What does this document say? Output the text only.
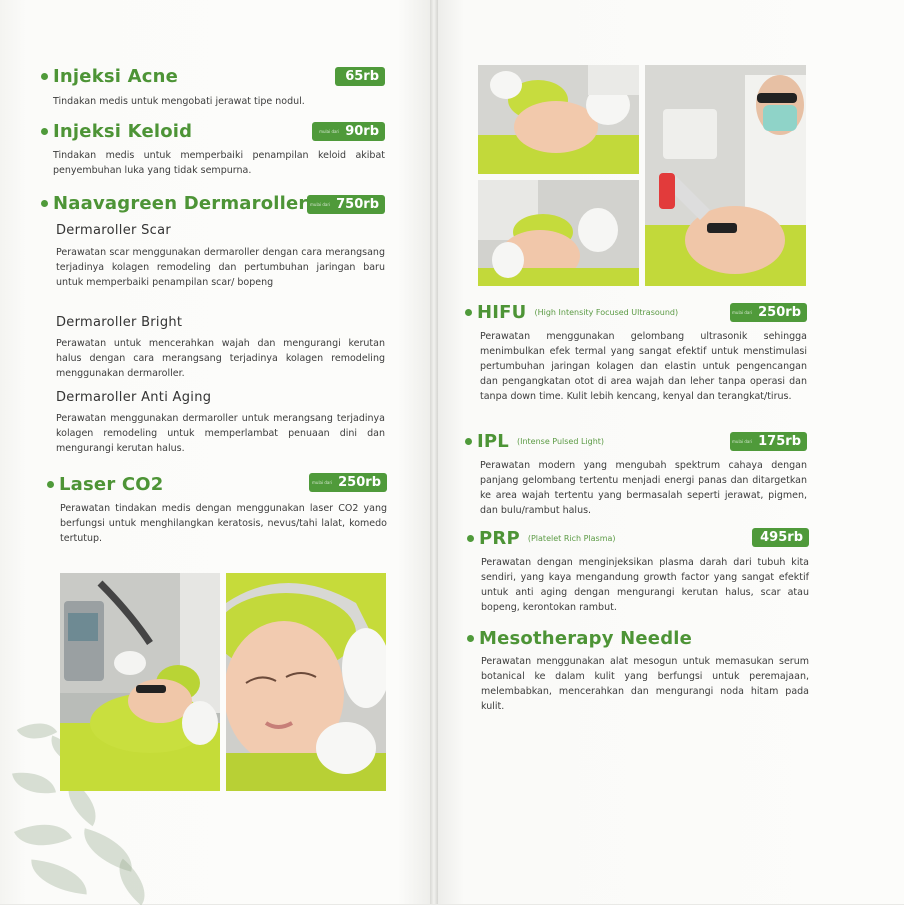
Injeksi Acne	65rb
Tindakan medis untuk mengobati jerawat tipe nodul.
Injeksi Keloid	mulai dari 90rb
Tindakan medis untuk memperbaiki penampilan keloid akibat penyembuhan luka yang tidak sempurna.
Naavagreen Dermaroller mulai dari 750rb
Dermaroller Scar
Perawatan scar menggunakan dermaroller dengan cara merangsang terjadinya kolagen remodeling dan pertumbuhan jaringan baru untuk memperbaiki penampilan scar/ bopeng
Dermaroller Bright
Perawatan untuk mencerahkan wajah dan mengurangi kerutan halus dengan cara merangsang terjadinya kolagen remodeling menggunakan dermaroller.
Dermaroller Anti Aging
Perawatan menggunakan dermaroller untuk merangsang terjadinya kolagen remodeling untuk memperlambat penuaan dini dan mengurangi kerutan halus.
Laser CO2	mulai dari 250rb
Perawatan tindakan medis dengan menggunakan laser CO2 yang berfungsi untuk menghilangkan keratosis, nevus/tahi lalat, komedo tertutup.
HIFU (High Intensity Focused Ultrasound)	mulai dari 250rb
Perawatan menggunakan gelombang ultrasonik sehingga menimbulkan efek termal yang sangat efektif untuk menstimulasi pertumbuhan jaringan kolagen dan elastin untuk pengencangan dan pengangkatan otot di area wajah dan leher tanpa operasi dan tanpa down time. Kulit lebih kencang, kenyal dan terangkat/tirus.
IPL (Intense Pulsed Light)	mulai dari 175rb
Perawatan modern yang mengubah spektrum cahaya dengan panjang gelombang tertentu menjadi energi panas dan ditargetkan ke area wajah tertentu yang bermasalah seperti jerawat, pigmen, dan bulu/rambut halus.
PRP (Platelet Rich Plasma)	495rb
Perawatan dengan menginjeksikan plasma darah dari tubuh kita sendiri, yang kaya mengandung growth factor yang sangat efektif untuk anti aging dengan mengurangi kerutan halus, scar atau bopeng, kerontokan rambut.
Mesotherapy Needle
Perawatan menggunakan alat mesogun untuk memasukan serum botanical ke dalam kulit yang berfungsi untuk peremajaan, melembabkan, mencerahkan dan mengurangi noda hitam pada kulit.
